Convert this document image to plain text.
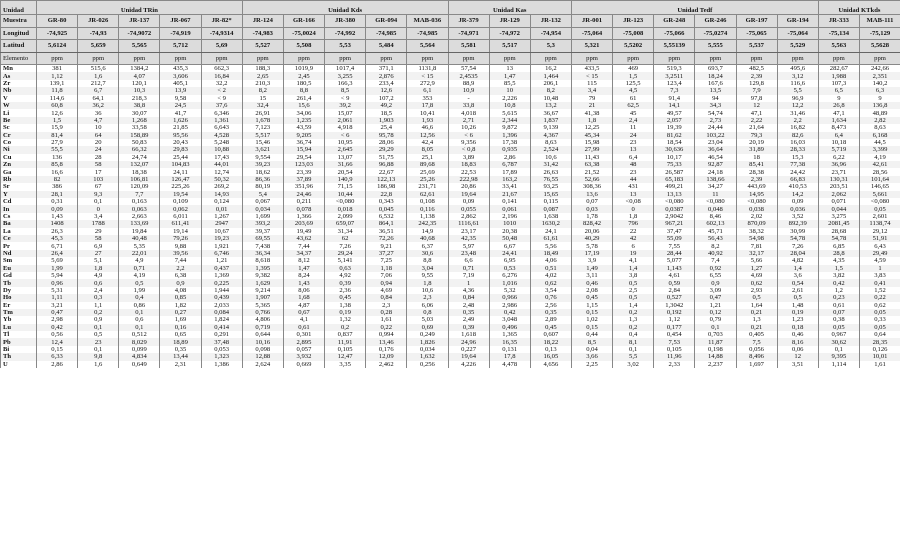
Unidad	Unidad TRin					Unidad Kds					Unidad Kas			Unidad Tedf						Unidad KTkds	
Muestra	GR-80	JR-026	JR-137	JR-067	JR-82*	JR-124	GR-166	JR-380	GR-094	MAB-036	JR-379	JR-129	JR-132	JR-001	JR-123	GR-248	GR-246	GR-197	GR-194	JR-333	MAB-111
Longitud	-74,925	-74,93	-74,9072	-74,919	-74,9314	-74,983	-75,0024	-74,992	-74,985	-74,985	-74,971	-74,972	-74,954	-75,064	-75,008	-75,066	-75,0274	-75,065	-75,064	-75,134	-75,129
Latitud	5,6124	5,659	5,565	5,712	5,69	5,527	5,508	5,53	5,484	5,564	5,581	5,517	5,3	5,321	5,5202	5,55139	5,555	5,537	5,529	5,563	5,5628
Elemento	ppm	ppm	ppm	ppm	ppm	ppm	ppm	ppm	ppm	ppm	ppm	ppm	ppm	ppm	ppm	ppm	ppm	ppm	ppm	ppm	ppm
Mn	381	515,6	1384,2	435,3	662,3	188,3	1019,9	1017,4	371,1	1131,8	57,54	13	16,2	433,5	469	519,3	693,7	482,5	495,6	282,67	242,66
As	1,12	1,6	4,07	3,606	16,84	2,65	2,45	3,255	2,876	< 15	2,4535	1,47	1,464	< 15	1,5	3,2511	18,24	2,39	3,12	1,988	2,351
Zr	139,1	212,7	120,1	405,1	32,2	210,3	180,5	166,3	233,4	272,9	88,9	85,5	206,1	115	125,5	123,4	167,6	129,8	116,6	107,3	140,2
Nb	11,8	6,7	10,3	13,9	< 2	8,2	8,8	8,5	12,6	6,1	10,9	10	8,2	3,4	4,5	7,3	13,5	7,9	5,5	6,5	6,3
V	114,6	64,1	218,3	9,58	< 9	15	261,4	< 9	107,2	353	-	2,226	10,48	79	61	91,4	94	97,8	96,9	9	9
W	60,8	36,2	38,8	24,5	37,6	32,4	15,6	39,2	49,2	17,8	33,8	10,8	13,2	21	62,5	14,1	34,3	12	12,2	26,8	136,8
Li	12,6	36	30,07	41,7	6,346	26,91	34,06	15,07	18,5	10,41	4,018	5,615	36,67	41,38	45	49,57	54,74	47,1	31,46	47,1	48,89
Be	1,5	4,7	1,268	1,626	1,361	1,678	1,235	2,061	1,903	1,93	2,71	2,344	1,837	1,8	2,4	2,057	2,73	2,22	2,2	1,634	2,82
Sc	15,9	10	33,58	21,85	6,643	7,123	43,59	4,918	25,4	46,6	10,26	9,872	9,139	12,25	11	19,39	24,44	21,64	16,82	8,473	8,63
Cr	81,4	64	158,89	95,56	4,528	5,517	9,205	< 6	95,78	12,56	< 6	1,396	4,367	45,34	24	81,62	103,22	79,3	82,6	6,4	6,168
Co	27,9	20	50,83	20,43	5,248	15,46	36,74	10,95	28,06	42,4	9,356	17,38	8,63	15,98	23	18,54	23,04	20,19	16,03	10,18	44,5
Ni	55,5	24	66,32	29,83	10,88	3,621	15,94	2,645	29,29	8,05	< 0,8	0,935	2,524	27,99	13	30,636	36,64	31,89	28,33	5,719	3,399
Cu	136	28	24,74	25,44	17,43	9,554	29,54	13,07	51,75	25,1	3,89	2,86	10,6	11,43	6,4	10,17	46,54	18	15,3	6,22	4,19
Zn	85,8	58	132,07	104,83	44,01	39,23	123,03	31,66	96,88	89,68	18,83	6,787	31,42	63,38	48	75,33	92,87	85,41	77,38	36,96	42,61
Ga	16,6	17	18,38	24,11	12,74	18,62	23,39	20,54	22,67	25,69	22,53	17,89	26,63	21,52	23	26,587	24,18	28,38	24,42	23,71	28,56
Rb	82	103	106,81	126,47	50,32	86,36	37,89	140,9	122,13	25,26	222,98	163,2	76,55	52,66	44	65,183	138,66	2,39	66,83	130,31	101,64
Sr	386	67	120,09	225,26	269,2	80,19	351,96	71,15	186,98	231,71	20,86	33,41	93,25	308,36	431	499,21	34,27	443,69	410,53	203,51	146,65
Y	28,1	9,3	7,7	19,54	14,93	5,4	24,46	10,44	22,8	62,61	19,64	21,67	15,65	13,6	13	13,13	11	14,95	14,2	2,062	5,661
Cd	0,31	0,1	0,163	0,109	0,124	0,067	0,211	<0,080	0,343	0,108	0,09	0,141	0,115	0,07	<0,08	<0,080	<0,080	<0,080	0,09	0,071	<0,080
In	0,09	0	0,063	0,062	0,01	0,034	0,078	0,018	0,045	0,116	0,055	0,061	0,087	0,03	0	0,0387	0,048	0,038	0,036	0,044	0,05
Cs	1,43	3,4	2,663	6,011	1,267	1,699	1,366	2,099	6,532	1,138	2,862	2,196	1,638	1,78	1,8	2,9042	8,46	2,02	3,52	3,275	2,601
Ba	1408	1788	133,69	611,41	2947	393,2	203,69	659,07	864,1	242,35	1116,61	1010	1630,2	828,42	796	967,21	602,13	870,09	892,39	2081,45	1138,74
La	26,3	29	19,84	19,14	10,67	39,37	19,49	31,34	36,51	14,9	23,17	20,38	24,1	20,06	22	37,47	45,71	38,32	30,99	28,68	29,12
Ce	45,3	58	40,48	79,26	19,23	69,55	43,62	62	72,26	40,68	42,35	50,48	61,61	40,29	42	55,09	56,43	54,98	54,78	54,78	51,91
Pr	6,71	6,9	5,35	9,88	1,921	7,438	7,44	7,26	9,21	6,37	5,97	6,67	5,56	5,78	6	7,55	8,2	7,81	7,26	6,85	6,43
Nd	26,4	27	22,01	39,56	6,746	36,34	34,37	29,24	37,27	30,6	23,48	24,41	18,49	17,19	19	28,44	40,92	32,17	28,04	28,8	29,49
Sm	5,69	5,1	4,9	7,44	1,21	8,618	8,12	5,141	7,25	8,8	6,6	6,95	4,06	3,9	4,1	5,077	7,4	5,66	4,82	4,35	4,59
Eu	1,99	1,8	0,71	2,2	0,437	1,395	1,47	0,63	1,18	3,04	0,71	0,53	0,51	1,49	1,4	1,143	0,92	1,27	1,4	1,5	1
Gd	5,94	4,9	4,19	6,38	1,369	9,382	8,24	4,92	7,06	9,55	7,19	6,276	4,02	3,11	3,8	4,61	6,55	4,69	3,6	3,82	3,83
Tb	0,96	0,6	0,5	0,9	0,225	1,629	1,43	0,39	0,94	1,8	1	1,016	0,62	0,46	0,5	0,59	0,9	0,62	0,54	0,42	0,41
Dy	5,31	2,4	1,99	4,08	1,944	9,214	8,06	2,36	4,69	10,6	4,36	5,32	3,54	2,08	2,5	2,84	3,09	2,93	2,61	1,2	1,52
Ho	1,11	0,3	0,4	0,85	0,439	1,907	1,68	0,45	0,84	2,3	0,84	0,966	0,76	0,45	0,5	0,527	0,47	0,5	0,5	0,23	0,22
Er	3,21	1,1	0,86	1,82	2,033	5,365	4,87	1,38	2,3	6,06	2,48	2,986	2,56	1,15	1,4	1,3042	1,21	1,64	1,48	0,61	0,62
Tm	0,47	0,2	0,1	0,27	0,084	0,766	0,67	0,19	0,28	0,8	0,35	0,42	0,35	0,15	0,2	0,192	0,12	0,21	0,19	0,07	0,05
Yb	2,98	0,9	0,6	1,69	1,824	4,806	4,1	1,32	1,61	5,03	2,49	3,048	2,89	1,02	1,3	1,12	0,79	1,3	1,23	0,38	0,33
Lu	0,42	0,1	0,1	0,16	0,414	0,719	0,61	0,2	0,22	0,69	0,39	0,496	0,45	0,15	0,2	0,177	0,1	0,21	0,18	0,05	0,05
Tl	0,56	0,5	0,512	0,65	0,291	0,644	0,301	0,837	0,994	0,249	1,618	1,365	0,607	0,44	0,4	0,454	0,703	0,405	0,46	0,967	0,64
Pb	12,4	23	8,029	18,89	37,48	10,16	2,895	11,91	13,46	1,826	24,96	16,35	18,22	8,5	8,1	7,53	11,87	7,5	8,16	30,62	28,35
Bi	0,15	0,1	0,099	0,35	0,053	0,098	0,057	0,105	0,176	0,034	0,227	0,131	0,13	0,04	0,1	0,105	0,198	0,056	0,06	0,1	0,126
Th	6,33	9,8	4,834	13,44	1,323	12,88	3,932	12,47	12,09	1,632	19,64	17,8	16,05	3,66	5,5	11,96	14,88	8,496	12	9,395	10,01
U	2,86	1,6	0,649	2,31	1,386	2,624	0,669	3,35	2,462	0,256	4,226	4,478	4,656	2,25	3,02	2,33	2,237	1,697	3,51	1,114	1,61
